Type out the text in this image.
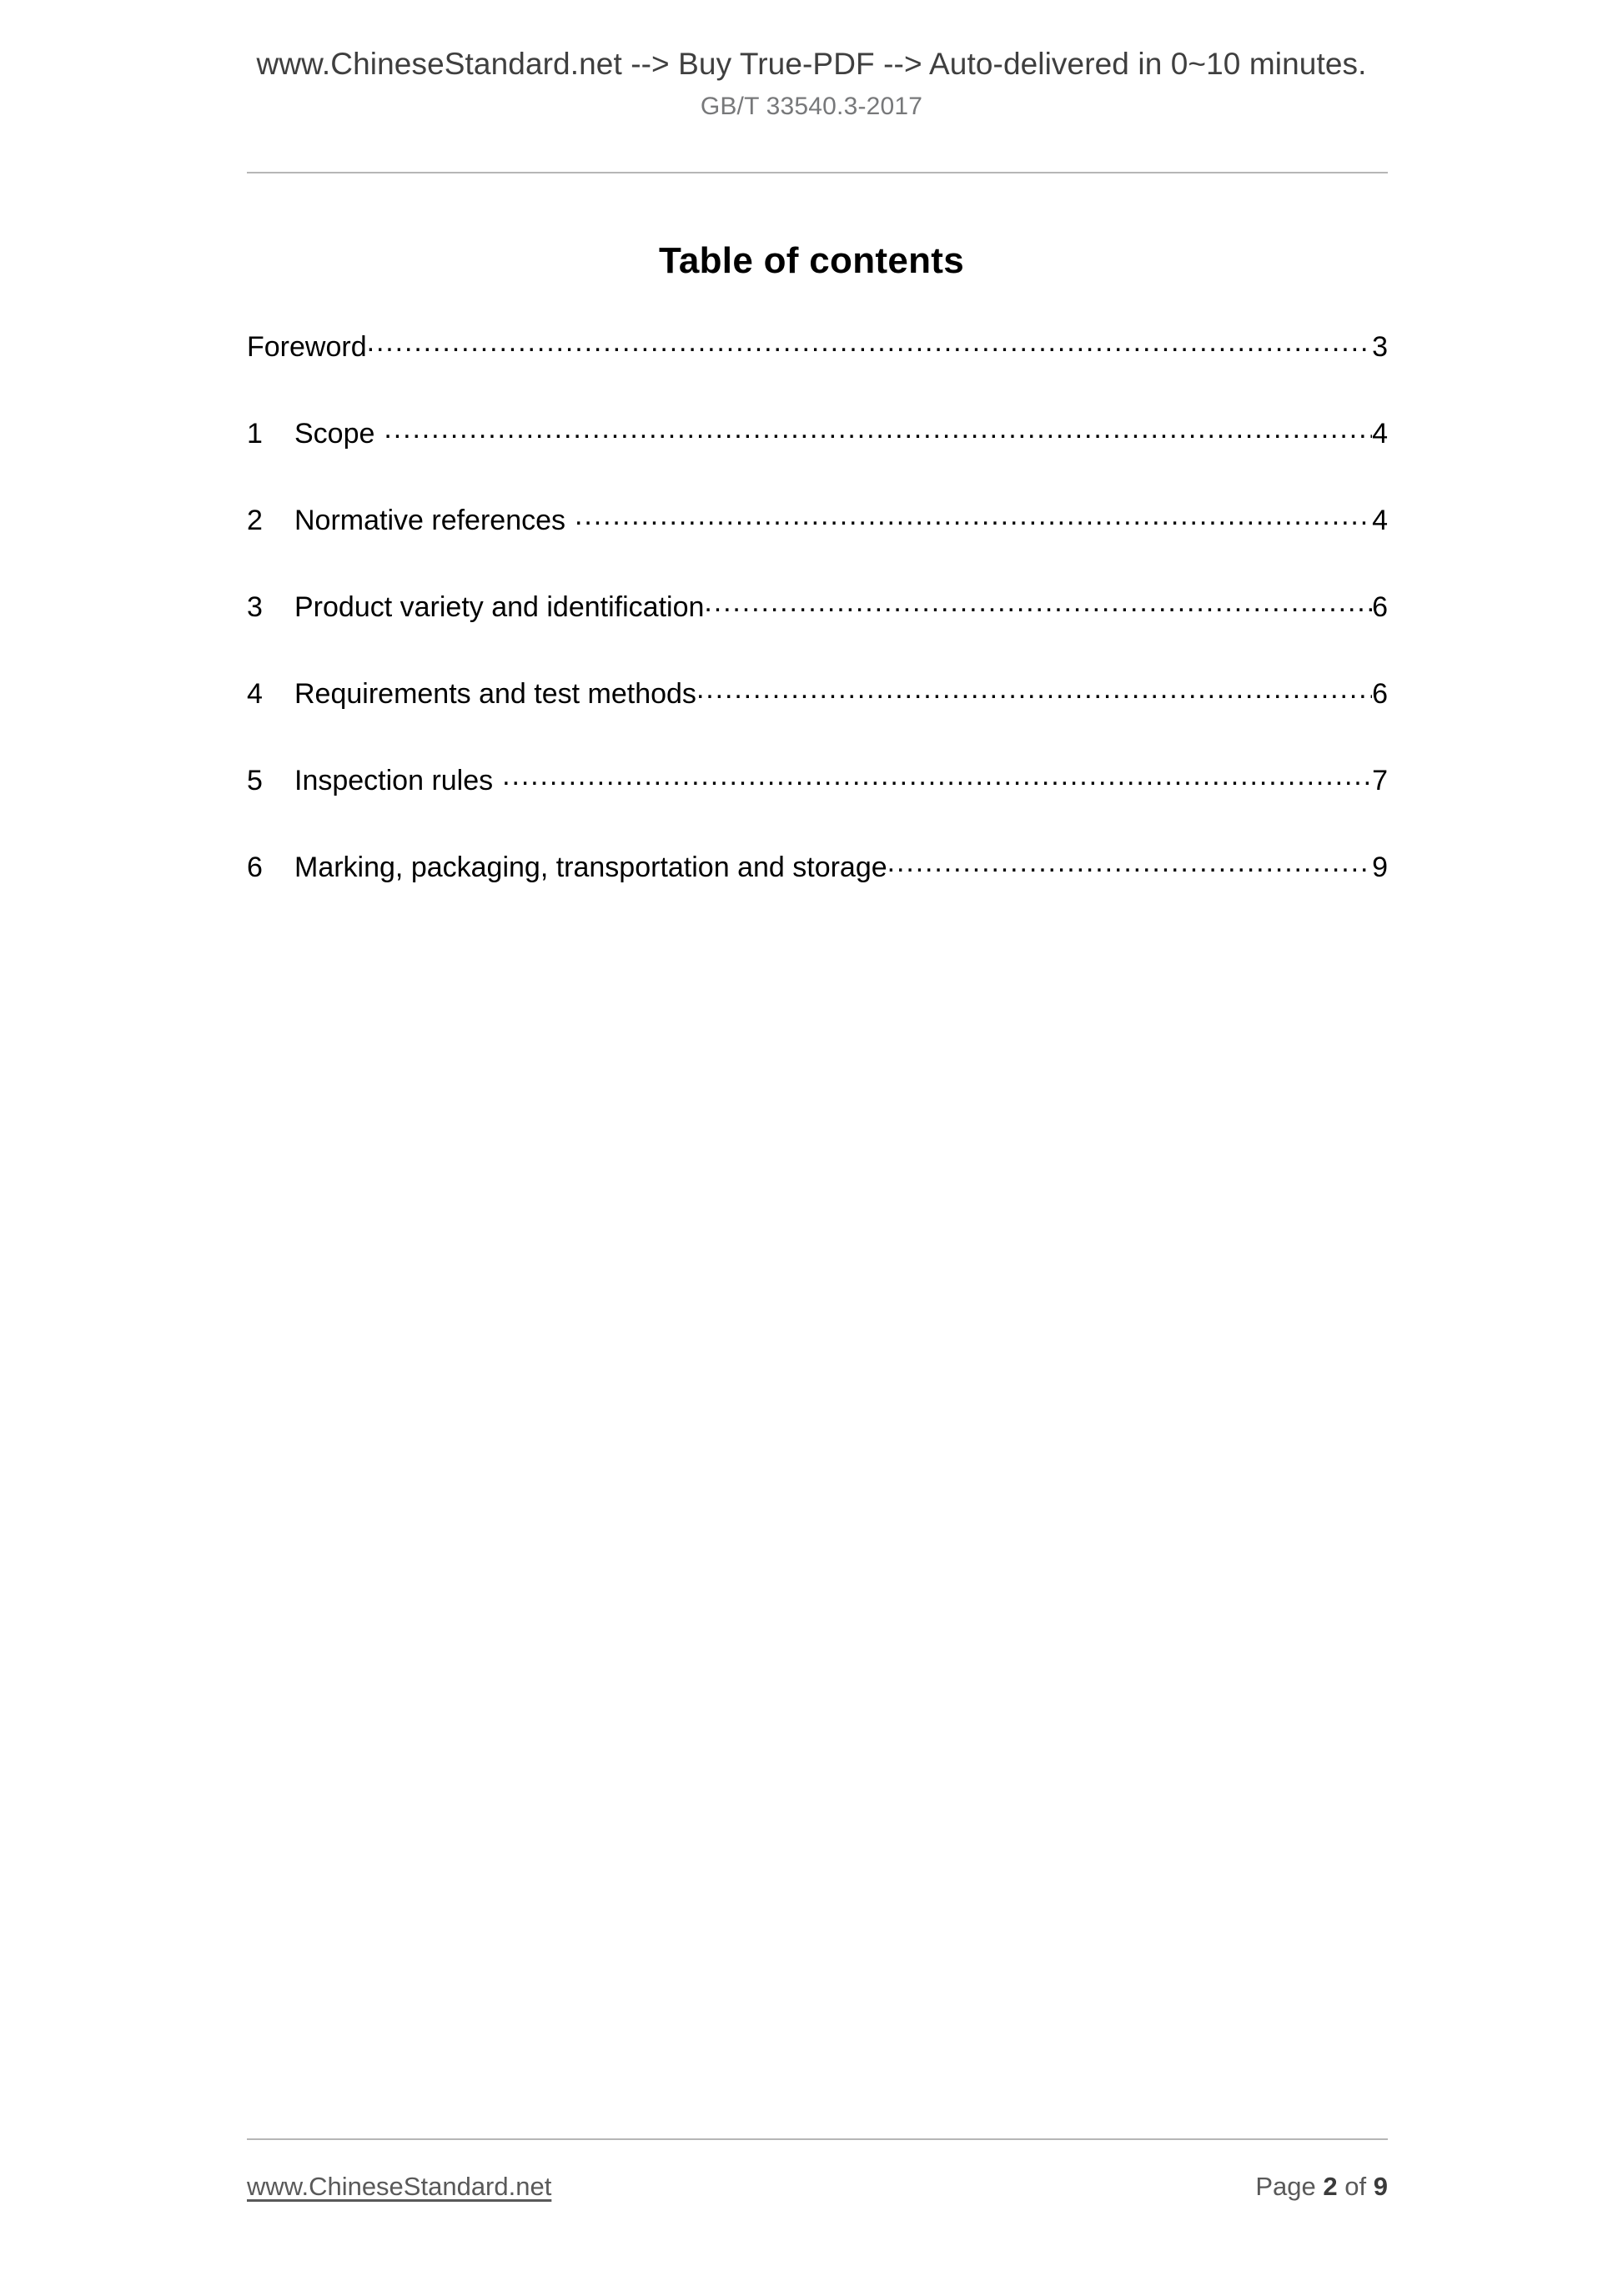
www.ChineseStandard.net --> Buy True-PDF --> Auto-delivered in 0~10 minutes.
GB/T 33540.3-2017
Table of contents
Foreword .....	3
1	Scope .....	4
2	Normative references .....	4
3	Product variety and identification .....	6
4	Requirements and test methods .....	6
5	Inspection rules .....	7
6	Marking, packaging, transportation and storage .....	9
www.ChineseStandard.net	Page 2 of 9
